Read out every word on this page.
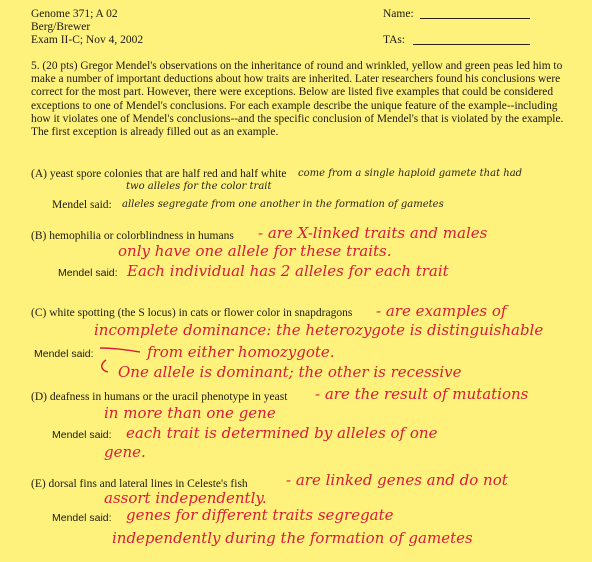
Genome 371; A 02
Berg/Brewer
Exam II-C; Nov 4, 2002
Name:
TAs:
5. (20 pts) Gregor Mendel's observations on the inheritance of round and wrinkled, yellow and green peas led him to make a number of important deductions about how traits are inherited. Later researchers found his conclusions were correct for the most part. However, there were exceptions. Below are listed five examples that could be considered exceptions to one of Mendel's conclusions. For each example describe the unique feature of the example--including how it violates one of Mendel's conclusions--and the specific conclusion of Mendel's that is violated by the example. The first exception is already filled out as an example.
(A) yeast spore colonies that are half red and half white come from a single haploid gamete that had
two alleles for the color trait
Mendel said: alleles segregate from one another in the formation of gametes
(B) hemophilia or colorblindness in humans - are X-linked traits and males
only have one allele for these traits.
Mendel said: Each individual has 2 alleles for each trait
(C) white spotting (the S locus) in cats or flower color in snapdragons - are examples of
incomplete dominance: the heterozygote is distinguishable
Mendel said:	from either homozygote.
One allele is dominant; the other is recessive
(D) deafness in humans or the uracil phenotype in yeast - are the result of mutations
in more than one gene
Mendel said: each trait is determined by alleles of one
gene.
(E) dorsal fins and lateral lines in Celeste's fish	- are linked genes and do not
assort independently.
Mendel said: genes for different traits segregate
independently during the formation of gametes
